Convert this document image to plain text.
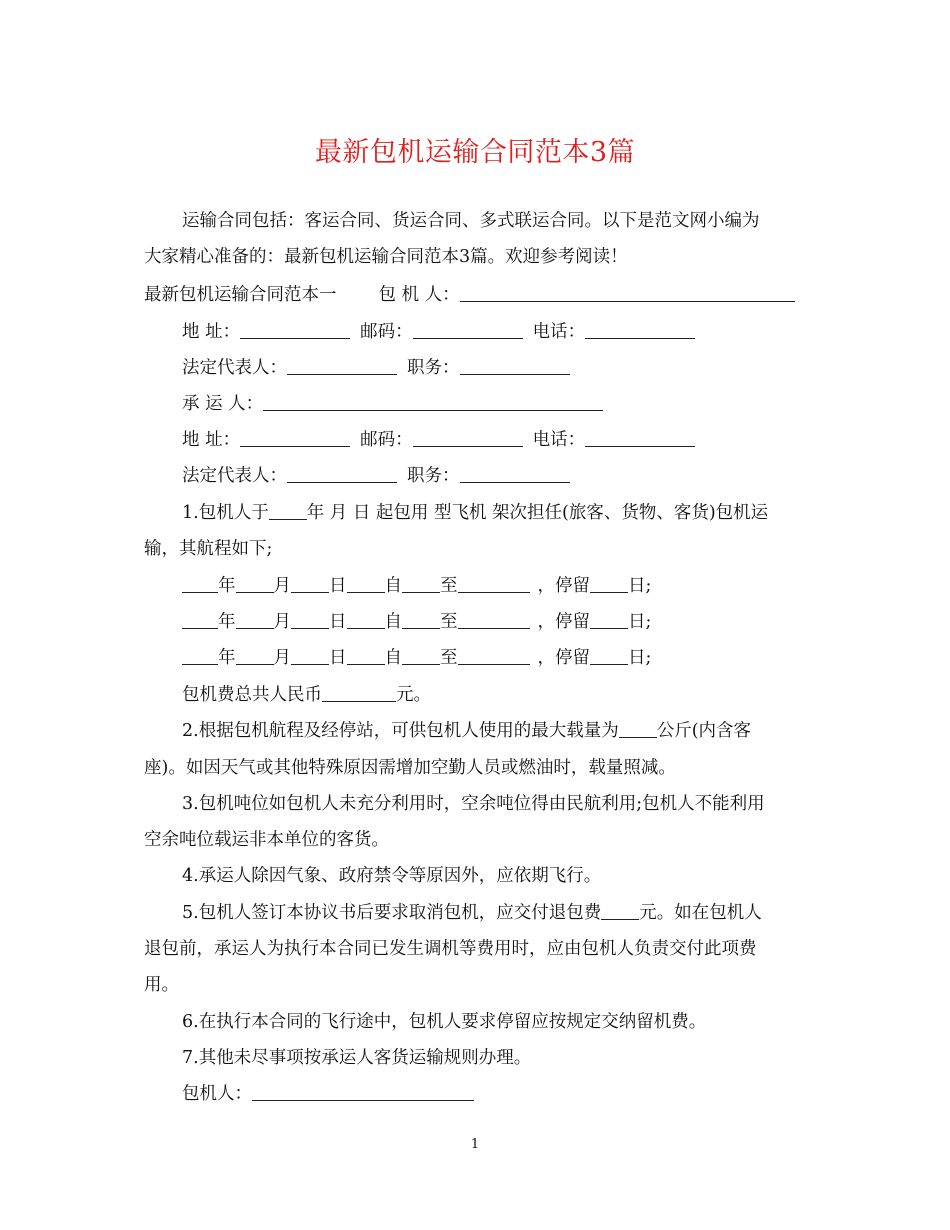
最新包机运输合同范本3篇
运输合同包括：客运合同、货运合同、多式联运合同。以下是范文网小编为
大家精心准备的：最新包机运输合同范本3篇。欢迎参考阅读！
最新包机运输合同范本一 包 机 人：
地 址：	邮码：	电话：
法定代表人：	职务：
承 运 人：
地 址：	邮码：	电话：
法定代表人：	职务：
1.包机人于 年 月 日 起包用 型飞机 架次担任(旅客、货物、客货)包机运
输，其航程如下;
年 月 日 自 至	，停留 日;
年 月 日 自 至	，停留 日;
年 月 日 自 至	，停留 日;
包机费总共人民币	元。
2.根据包机航程及经停站，可供包机人使用的最大载量为 公斤(内含客
座)。如因天气或其他特殊原因需增加空勤人员或燃油时，载量照减。
3.包机吨位如包机人未充分利用时，空余吨位得由民航利用;包机人不能利用
空余吨位载运非本单位的客货。
4.承运人除因气象、政府禁令等原因外，应依期飞行。
5.包机人签订本协议书后要求取消包机，应交付退包费 元。如在包机人
退包前，承运人为执行本合同已发生调机等费用时，应由包机人负责交付此项费
用。
6.在执行本合同的飞行途中，包机人要求停留应按规定交纳留机费。
7.其他未尽事项按承运人客货运输规则办理。
包机人：
1
